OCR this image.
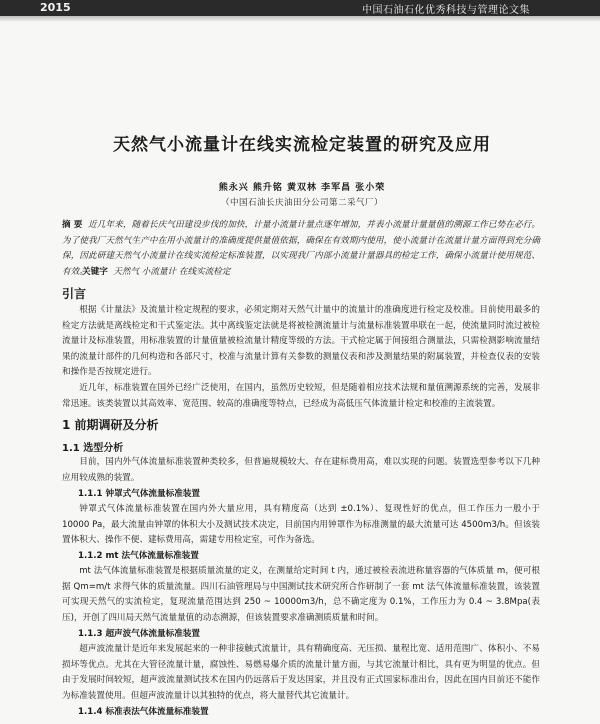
2015	中国石油石化优秀科技与管理论文集
天然气小流量计在线实流检定装置的研究及应用
熊永兴 熊升铭 黄双林 李军昌 张小荣
（中国石油长庆油田分公司第二采气厂）
摘 要 近几年来，随着长庆气田建设步伐的加快，计量小流量计量点逐年增加，并表小流量计量量值的溯源工作已势在必行。为了使我厂天然气生产中在用小流量计的准确度提供量值依据，确保在有效期内使用，使小流量计在流量计量方面得到充分确保，因此研建天然气小流量计在线实流检定标准装置，以实现我厂内部小流量计量器具的检定工作，确保小流量计使用规范、有效。
关键字 天然气 小流量计 在线实流检定
引言
根据《计量法》及流量计检定规程的要求，必须定期对天然气计量中的流量计的准确度进行检定及校准。目前使用最多的检定方法就是离线检定和干式鉴定法。其中离线鉴定法就是将被检测流量计与流量标准装置串联在一起，使流量同时流过被检流量计及标准装置，用标准装置的计量值量被检流量计精度等级的方法。干式检定属于间接组合测量法，只需检测影响流量结果的流量计部件的几何构造和各部尺寸，校准与流量计算有关参数的测量仪表和涉及测量结果的附属装置，并检查仪表的安装和操作是否按规定进行。
近几年，标准装置在国外已经广泛使用，在国内，虽然历史较短，但是随着相应技术法规和量值溯源系统的完善，发展非常迅速。该类装置以其高效率、宽范围、较高的准确度等特点，已经成为高低压气体流量计检定和校准的主流装置。
1 前期调研及分析
1.1 选型分析
目前，国内外气体流量标准装置种类较多，但普遍规模较大、存在建标费用高，难以实现的问题。装置选型参考以下几种应用较成熟的装置。
1.1.1 钟罩式气体流量标准装置
钟罩式气体流量标准装置在国内外大量应用，具有精度高（达到 ±0.1%）、复现性好的优点，但工作压力一般小于 10000 Pa，最大流量由钟罩的体积大小及测试技术决定，目前国内用钟罩作为标准测量的最大流量可达 4500m3/h。但该装置体积大、操作不便、建标费用高，需建专用检定室，可作为备选。
1.1.2 mt 法气体流量标准装置
mt 法气体流量标准装置是根据质量流量的定义，在测量给定时间 t 内，通过被检表流进称量容器的气体质量 m，便可根据 Qm=m/t 求得气体的质量流量。四川石油管理局与中国测试技术研究所合作研制了一套 mt 法气体流量标准装置，该装置可实现天然气的实流检定，复现流量范围达到 250 ~ 10000m3/h，总不确定度为 0.1%，工作压力为 0.4 ~ 3.8Mpa(表压)，开创了四川局天然气流量量值的动态溯源，但该装置要求准确测质质量和时间。
1.1.3 超声波气体流量标准装置
超声波流量计是近年来发展起来的一种非接触式流量计，具有精确度高、无压损、量程比宽、适用范围广、体积小、不易损坏等优点。尤其在大管径流量计量，腐蚀性、易燃易爆介质的流量计量方面，与其它流量计相比，具有更为明显的优点。但由于发展时间较短，超声波流量测试技术在国内仍远落后于发达国家，并且没有正式国家标准出台，因此在国内目前还不能作为标准装置使用。但超声波流量计以其独特的优点，将大量替代其它流量计。
1.1.4 标准表法气体流量标准装置
